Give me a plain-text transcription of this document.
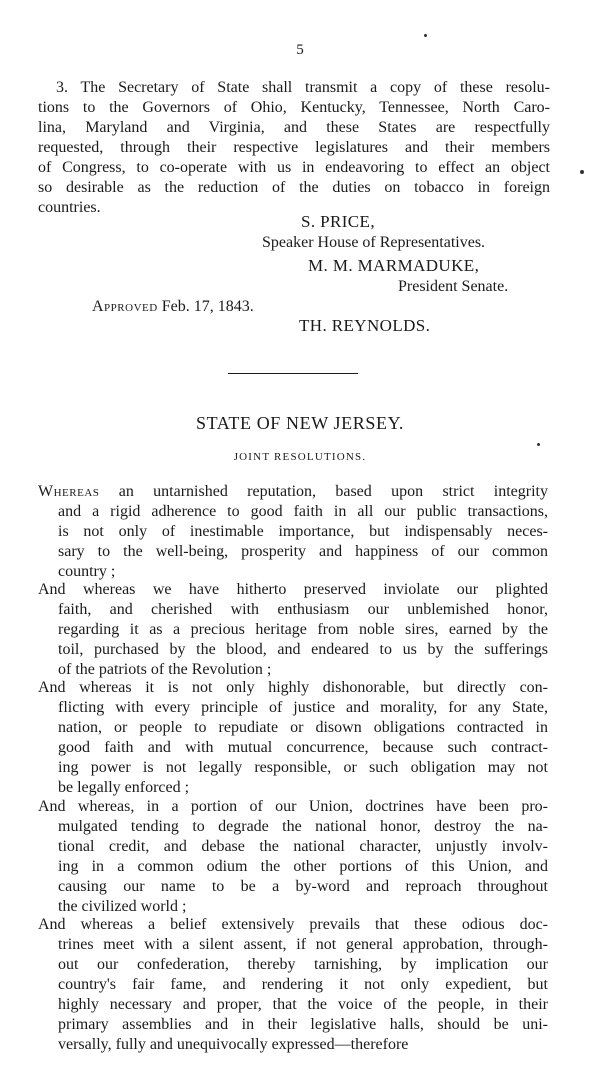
5
3. The Secretary of State shall transmit a copy of these resolu-
tions to the Governors of Ohio, Kentucky, Tennessee, North Caro-
lina, Maryland and Virginia, and these States are respectfully
requested, through their respective legislatures and their members
of Congress, to co-operate with us in endeavoring to effect an object
so desirable as the reduction of the duties on tobacco in foreign
countries.
S. PRICE,
Speaker House of Representatives.
M. M. MARMADUKE,
President Senate.
Approved Feb. 17, 1843.
TH. REYNOLDS.
STATE OF NEW JERSEY.
JOINT RESOLUTIONS.
Whereas an untarnished reputation, based upon strict integrity
and a rigid adherence to good faith in all our public transactions,
is not only of inestimable importance, but indispensably neces-
sary to the well-being, prosperity and happiness of our common
country ;
And whereas we have hitherto preserved inviolate our plighted
faith, and cherished with enthusiasm our unblemished honor,
regarding it as a precious heritage from noble sires, earned by the
toil, purchased by the blood, and endeared to us by the sufferings
of the patriots of the Revolution ;
And whereas it is not only highly dishonorable, but directly con-
flicting with every principle of justice and morality, for any State,
nation, or people to repudiate or disown obligations contracted in
good faith and with mutual concurrence, because such contract-
ing power is not legally responsible, or such obligation may not
be legally enforced ;
And whereas, in a portion of our Union, doctrines have been pro-
mulgated tending to degrade the national honor, destroy the na-
tional credit, and debase the national character, unjustly involv-
ing in a common odium the other portions of this Union, and
causing our name to be a by-word and reproach throughout
the civilized world ;
And whereas a belief extensively prevails that these odious doc-
trines meet with a silent assent, if not general approbation, through-
out our confederation, thereby tarnishing, by implication our
country's fair fame, and rendering it not only expedient, but
highly necessary and proper, that the voice of the people, in their
primary assemblies and in their legislative halls, should be uni-
versally, fully and unequivocally expressed—therefore
